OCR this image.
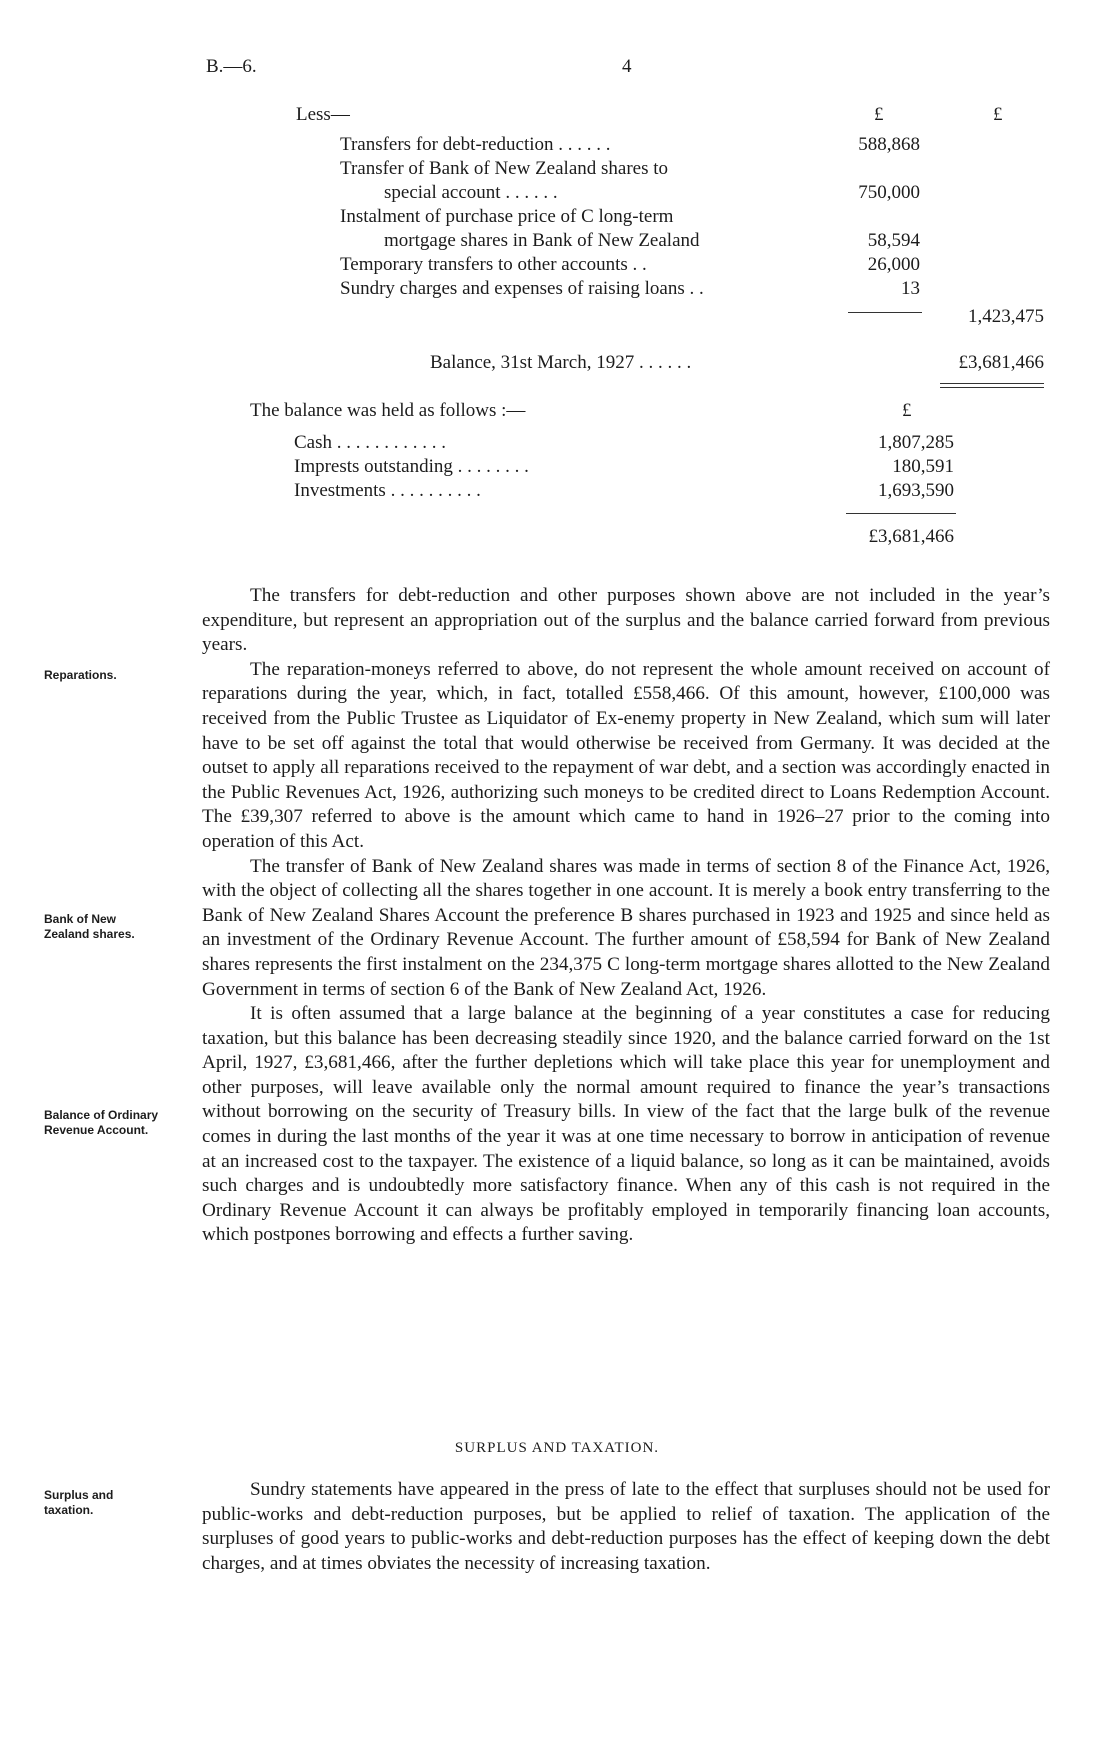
B.—6.	4
Less—	£	£
Transfers for debt-reduction . . . . . .	588,868
Transfer of Bank of New Zealand shares to
special account . . . . . .	750,000
Instalment of purchase price of C long-term
mortgage shares in Bank of New Zealand	58,594
Temporary transfers to other accounts . .	26,000
Sundry charges and expenses of raising loans . .	13
1,423,475
Balance, 31st March, 1927 . . . . . .	£3,681,466
The balance was held as follows :—	£
Cash . . . . . . . . . . . .	1,807,285
Imprests outstanding . . . . . . . .	180,591
Investments . . . . . . . . . .	1,693,590
£3,681,466
Reparations.
Bank of New Zealand shares.
Balance of Ordinary Revenue Account.
Surplus and taxation.

The transfers for debt-reduction and other purposes shown above are not included in the year’s expenditure, but represent an appropriation out of the surplus and the balance carried forward from previous years.

The reparation-moneys referred to above, do not represent the whole amount received on account of reparations during the year, which, in fact, totalled £558,466. Of this amount, however, £100,000 was received from the Public Trustee as Liquidator of Ex-enemy property in New Zealand, which sum will later have to be set off against the total that would otherwise be received from Germany. It was decided at the outset to apply all reparations received to the repayment of war debt, and a section was accordingly enacted in the Public Revenues Act, 1926, authorizing such moneys to be credited direct to Loans Redemption Account. The £39,307 referred to above is the amount which came to hand in 1926–27 prior to the coming into operation of this Act.

The transfer of Bank of New Zealand shares was made in terms of section 8 of the Finance Act, 1926, with the object of collecting all the shares together in one account. It is merely a book entry transferring to the Bank of New Zealand Shares Account the preference B shares purchased in 1923 and 1925 and since held as an investment of the Ordinary Revenue Account. The further amount of £58,594 for Bank of New Zealand shares represents the first instalment on the 234,375 C long-term mortgage shares allotted to the New Zealand Government in terms of section 6 of the Bank of New Zealand Act, 1926.

It is often assumed that a large balance at the beginning of a year constitutes a case for reducing taxation, but this balance has been decreasing steadily since 1920, and the balance carried forward on the 1st April, 1927, £3,681,466, after the further depletions which will take place this year for unemployment and other purposes, will leave available only the normal amount required to finance the year’s transactions without borrowing on the security of Treasury bills. In view of the fact that the large bulk of the revenue comes in during the last months of the year it was at one time necessary to borrow in anticipation of revenue at an increased cost to the taxpayer. The existence of a liquid balance, so long as it can be maintained, avoids such charges and is undoubtedly more satisfactory finance. When any of this cash is not required in the Ordinary Revenue Account it can always be profitably employed in temporarily financing loan accounts, which postpones borrowing and effects a further saving.

SURPLUS AND TAXATION.

Sundry statements have appeared in the press of late to the effect that surpluses should not be used for public-works and debt-reduction purposes, but be applied to relief of taxation. The application of the surpluses of good years to public-works and debt-reduction purposes has the effect of keeping down the debt charges, and at times obviates the necessity of increasing taxation.
